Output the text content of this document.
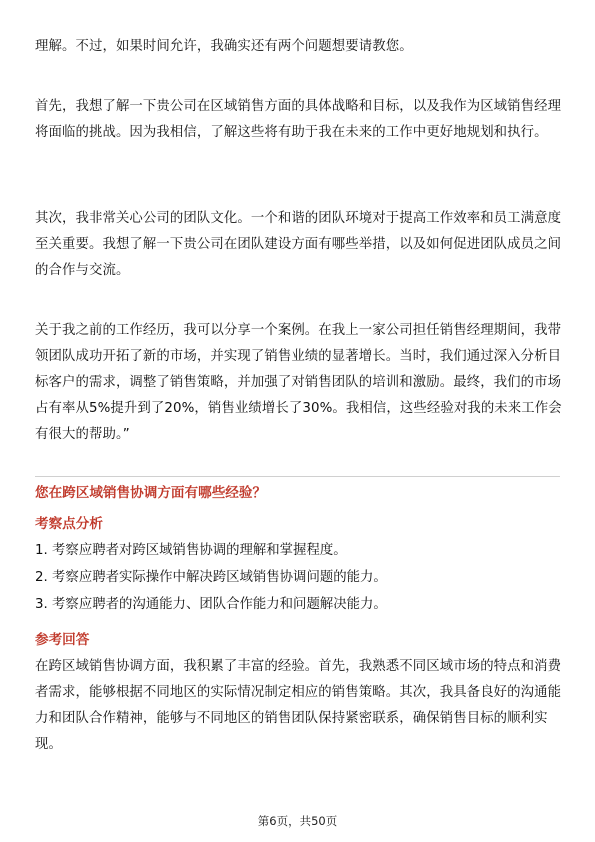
理解。不过，如果时间允许，我确实还有两个问题想要请教您。

首先，我想了解一下贵公司在区域销售方面的具体战略和目标，以及我作为区域销售经理将面临的挑战。因为我相信，了解这些将有助于我在未来的工作中更好地规划和执行。

其次，我非常关心公司的团队文化。一个和谐的团队环境对于提高工作效率和员工满意度至关重要。我想了解一下贵公司在团队建设方面有哪些举措，以及如何促进团队成员之间的合作与交流。

关于我之前的工作经历，我可以分享一个案例。在我上一家公司担任销售经理期间，我带领团队成功开拓了新的市场，并实现了销售业绩的显著增长。当时，我们通过深入分析目标客户的需求，调整了销售策略，并加强了对销售团队的培训和激励。最终，我们的市场占有率从5%提升到了20%，销售业绩增长了30%。我相信，这些经验对我的未来工作会有很大的帮助。”

您在跨区域销售协调方面有哪些经验？

考察点分析

1. 考察应聘者对跨区域销售协调的理解和掌握程度。

2. 考察应聘者实际操作中解决跨区域销售协调问题的能力。

3. 考察应聘者的沟通能力、团队合作能力和问题解决能力。

参考回答

在跨区域销售协调方面，我积累了丰富的经验。首先，我熟悉不同区域市场的特点和消费者需求，能够根据不同地区的实际情况制定相应的销售策略。其次，我具备良好的沟通能力和团队合作精神，能够与不同地区的销售团队保持紧密联系，确保销售目标的顺利实现。

第6页，共50页
